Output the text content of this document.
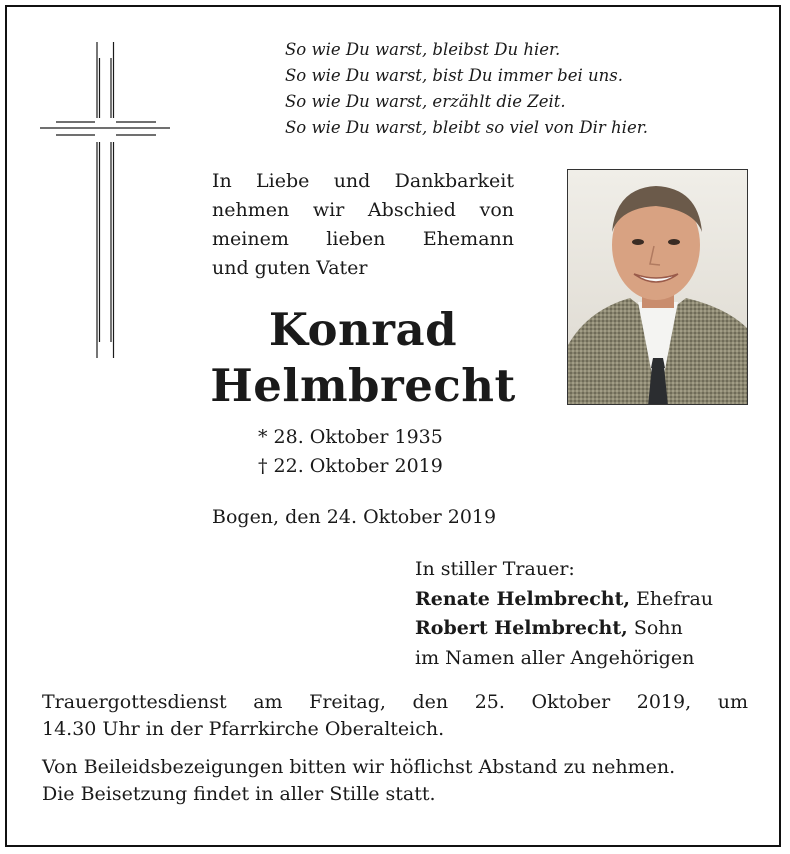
So wie Du warst, bleibst Du hier.
So wie Du warst, bist Du immer bei uns.
So wie Du warst, erzählt die Zeit.
So wie Du warst, bleibt so viel von Dir hier.
In Liebe und Dankbarkeit
nehmen wir Abschied von
meinem lieben Ehemann
und guten Vater
Konrad
Helmbrecht
* 28. Oktober 1935
† 22. Oktober 2019
Bogen, den 24. Oktober 2019
In stiller Trauer:
Renate Helmbrecht, Ehefrau
Robert Helmbrecht, Sohn
im Namen aller Angehörigen
Trauergottesdienst am Freitag, den 25. Oktober 2019, um
14.30 Uhr in der Pfarrkirche Oberalteich.
Von Beileidsbezeigungen bitten wir höflichst Abstand zu nehmen.
Die Beisetzung findet in aller Stille statt.
